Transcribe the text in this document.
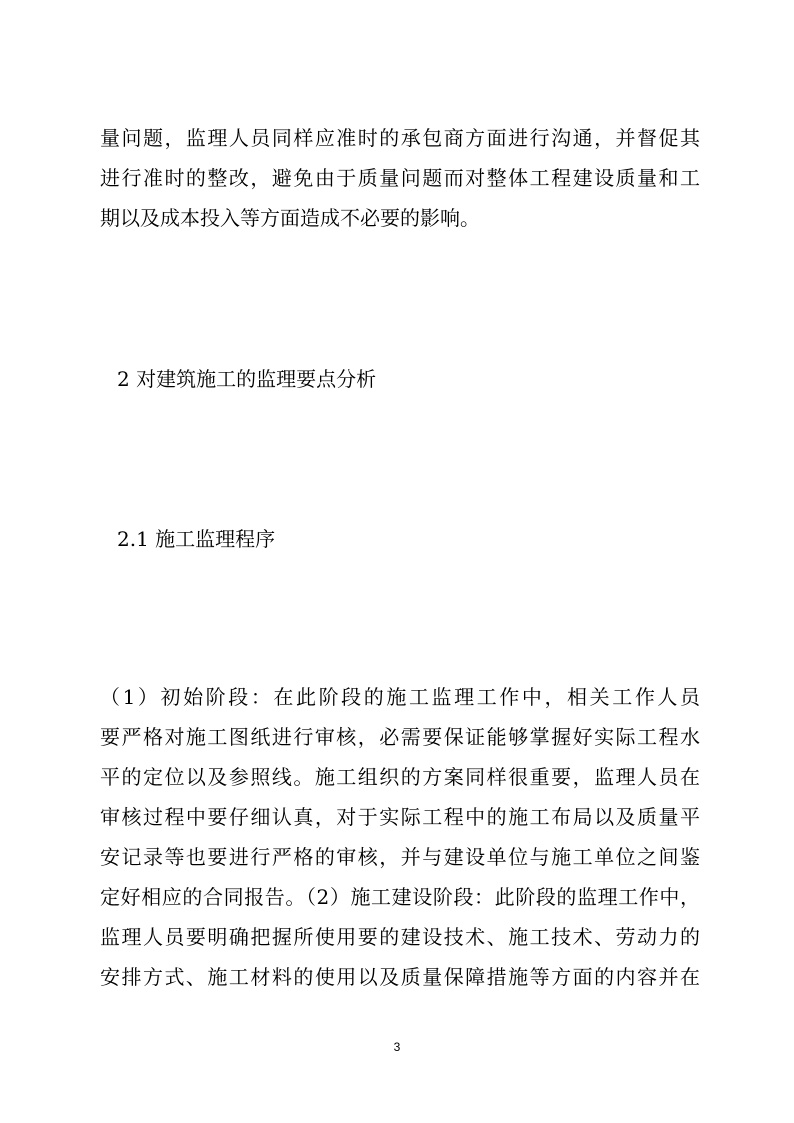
量问题，监理人员同样应准时的承包商方面进行沟通，并督促其
进行准时的整改，避免由于质量问题而对整体工程建设质量和工
期以及成本投入等方面造成不必要的影响。
2 对建筑施工的监理要点分析
2.1 施工监理程序
（1）初始阶段：在此阶段的施工监理工作中，相关工作人员
要严格对施工图纸进行审核，必需要保证能够掌握好实际工程水
平的定位以及参照线。施工组织的方案同样很重要，监理人员在
审核过程中要仔细认真，对于实际工程中的施工布局以及质量平
安记录等也要进行严格的审核，并与建设单位与施工单位之间鉴
定好相应的合同报告。（2）施工建设阶段：此阶段的监理工作中，
监理人员要明确把握所使用要的建设技术、施工技术、劳动力的
安排方式、施工材料的使用以及质量保障措施等方面的内容并在
3
